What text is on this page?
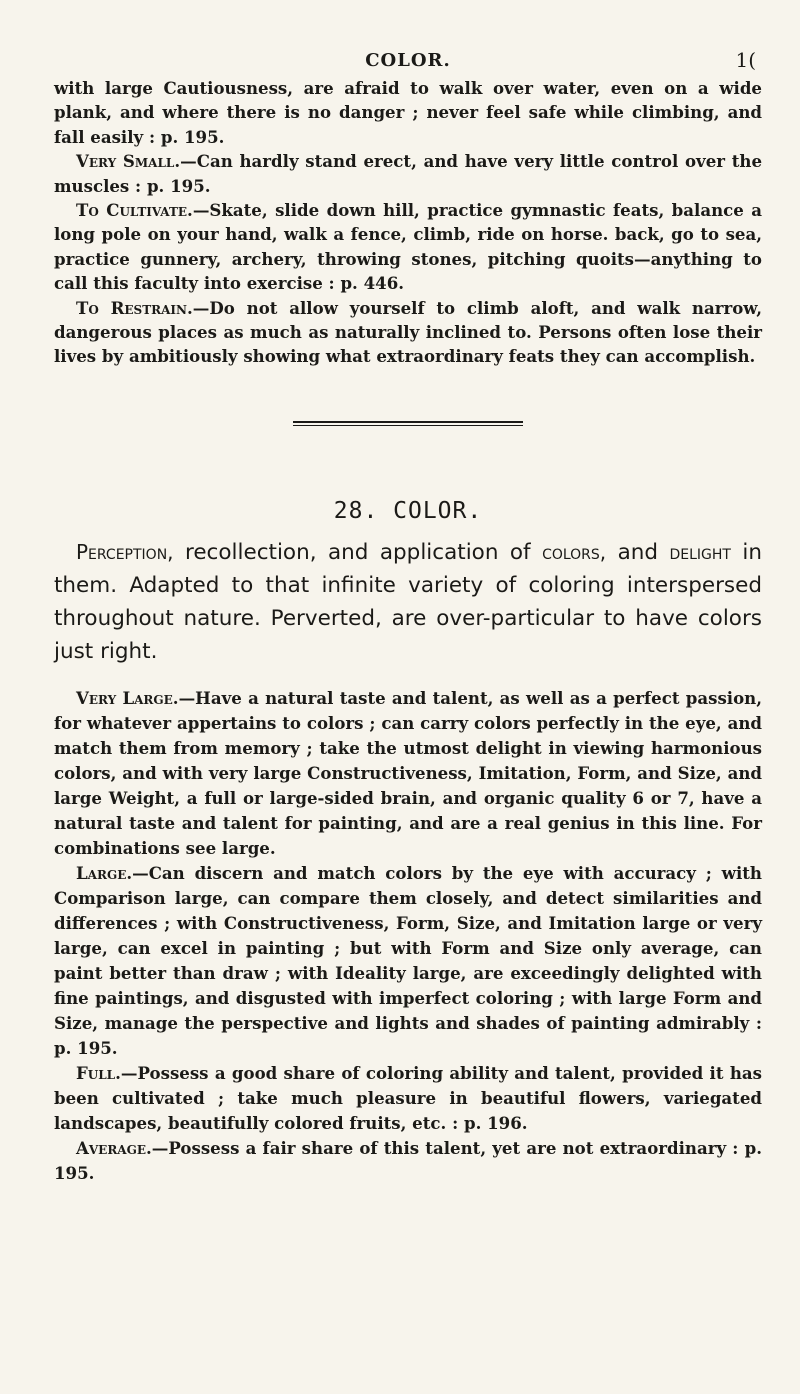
COLOR.	1(

with large Cautiousness, are afraid to walk over water, even on a wide plank, and where there is no danger ; never feel safe while climbing, and fall easily : p. 195.

Very Small.—Can hardly stand erect, and have very little control over the muscles : p. 195.

To Cultivate.—Skate, slide down hill, practice gymnastic feats, balance a long pole on your hand, walk a fence, climb, ride on horse. back, go to sea, practice gunnery, archery, throwing stones, pitching quoits—anything to call this faculty into exercise : p. 446.

To Restrain.—Do not allow yourself to climb aloft, and walk narrow, dangerous places as much as naturally inclined to. Persons often lose their lives by ambitiously showing what extraordinary feats they can accomplish.

28. COLOR.
Perception, recollection, and application of colors, and delight in them. Adapted to that infinite variety of coloring interspersed throughout nature. Perverted, are over-particular to have colors just right.

Very Large.—Have a natural taste and talent, as well as a perfect passion, for whatever appertains to colors ; can carry colors perfectly in the eye, and match them from memory ; take the utmost delight in viewing harmonious colors, and with very large Constructiveness, Imitation, Form, and Size, and large Weight, a full or large-sided brain, and organic quality 6 or 7, have a natural taste and talent for painting, and are a real genius in this line. For combinations see large.

Large.—Can discern and match colors by the eye with accuracy ; with Comparison large, can compare them closely, and detect similarities and differences ; with Constructiveness, Form, Size, and Imitation large or very large, can excel in painting ; but with Form and Size only average, can paint better than draw ; with Ideality large, are exceedingly delighted with fine paintings, and disgusted with imperfect coloring ; with large Form and Size, manage the perspective and lights and shades of painting admirably : p. 195.

Full.—Possess a good share of coloring ability and talent, provided it has been cultivated ; take much pleasure in beautiful flowers, variegated landscapes, beautifully colored fruits, etc. : p. 196.

Average.—Possess a fair share of this talent, yet are not extraordinary : p. 195.
